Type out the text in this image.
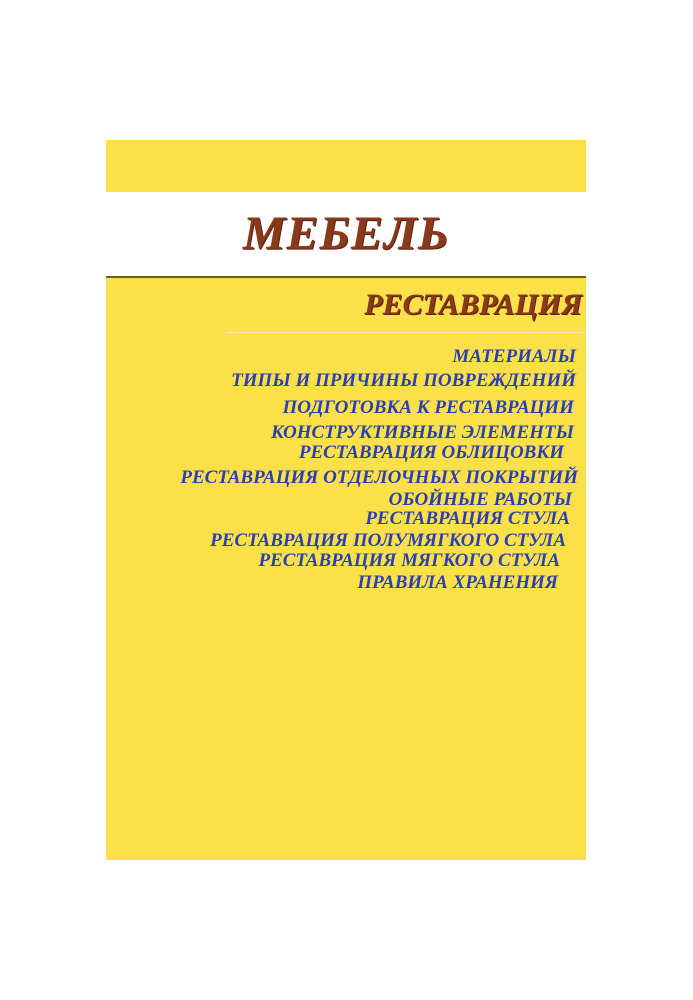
МЕБЕЛЬ
РЕСТАВРАЦИЯ
МАТЕРИАЛЫ
ТИПЫ И ПРИЧИНЫ ПОВРЕЖДЕНИЙ
ПОДГОТОВКА К РЕСТАВРАЦИИ
КОНСТРУКТИВНЫЕ ЭЛЕМЕНТЫ
РЕСТАВРАЦИЯ ОБЛИЦОВКИ
РЕСТАВРАЦИЯ ОТДЕЛОЧНЫХ ПОКРЫТИЙ
ОБОЙНЫЕ РАБОТЫ
РЕСТАВРАЦИЯ СТУЛА
РЕСТАВРАЦИЯ ПОЛУМЯГКОГО СТУЛА
РЕСТАВРАЦИЯ МЯГКОГО СТУЛА
ПРАВИЛА ХРАНЕНИЯ
